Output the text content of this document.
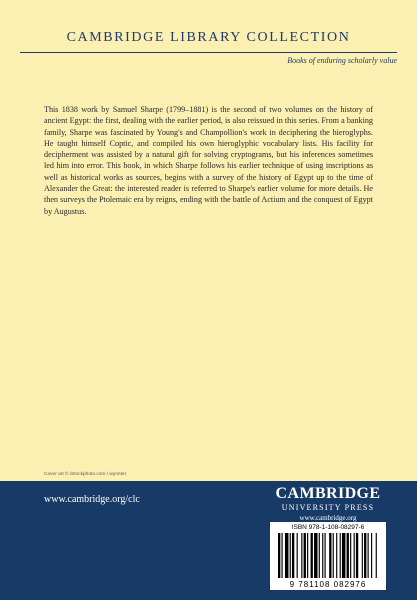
CAMBRIDGE LIBRARY COLLECTION
Books of enduring scholarly value

This 1838 work by Samuel Sharpe (1799–1881) is the second of two volumes on the history of ancient Egypt: the first, dealing with the earlier period, is also reissued in this series. From a banking family, Sharpe was fascinated by Young's and Champollion's work in deciphering the hieroglyphs. He taught himself Coptic, and compiled his own hieroglyphic vocabulary lists. His facility for decipherment was assisted by a natural gift for solving cryptograms, but his inferences sometimes led him into error. This book, in which Sharpe follows his earlier technique of using inscriptions as well as historical works as sources, begins with a survey of the history of Egypt up to the time of Alexander the Great: the interested reader is referred to Sharpe's earlier volume for more details. He then surveys the Ptolemaic era by reigns, ending with the battle of Actium and the conquest of Egypt by Augustus.

Cover art © iStockphoto.com / wynnter
www.cambridge.org/clc	CAMBRIDGE
UNIVERSITY PRESS
www.cambridge.org
ISBN 978-1-108-08297-6
9 781108 082976
